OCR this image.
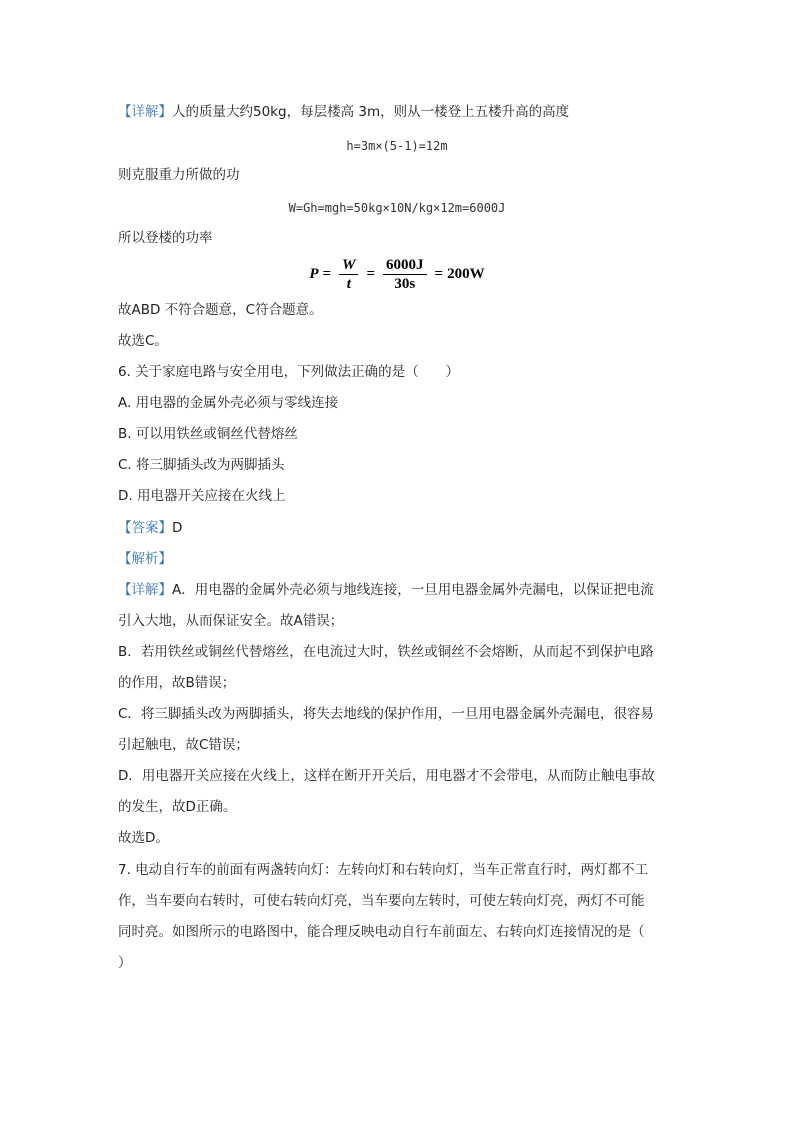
【详解】人的质量大约50kg，每层楼高 3m，则从一楼登上五楼升高的高度
h=3m×(5-1)=12m
则克服重力所做的功
W=Gh=mgh=50kg×10N/kg×12m=6000J
所以登楼的功率
$P = \frac{W}{t} = \frac{6000J}{30s} = 200W$
故ABD 不符合题意，C符合题意。
故选C。
6. 关于家庭电路与安全用电，下列做法正确的是（　　）
A. 用电器的金属外壳必须与零线连接
B. 可以用铁丝或铜丝代替熔丝
C. 将三脚插头改为两脚插头
D. 用电器开关应接在火线上
【答案】D
【解析】
【详解】A．用电器的金属外壳必须与地线连接，一旦用电器金属外壳漏电，以保证把电流
引入大地，从而保证安全。故A错误；
B．若用铁丝或铜丝代替熔丝，在电流过大时，铁丝或铜丝不会熔断，从而起不到保护电路
的作用，故B错误；
C．将三脚插头改为两脚插头，将失去地线的保护作用，一旦用电器金属外壳漏电，很容易
引起触电，故C错误；
D．用电器开关应接在火线上，这样在断开开关后，用电器才不会带电，从而防止触电事故
的发生，故D正确。
故选D。
7. 电动自行车的前面有两盏转向灯：左转向灯和右转向灯，当车正常直行时，两灯都不工
作，当车要向右转时，可使右转向灯亮，当车要向左转时，可使左转向灯亮，两灯不可能
同时亮。如图所示的电路图中，能合理反映电动自行车前面左、右转向灯连接情况的是（
）
